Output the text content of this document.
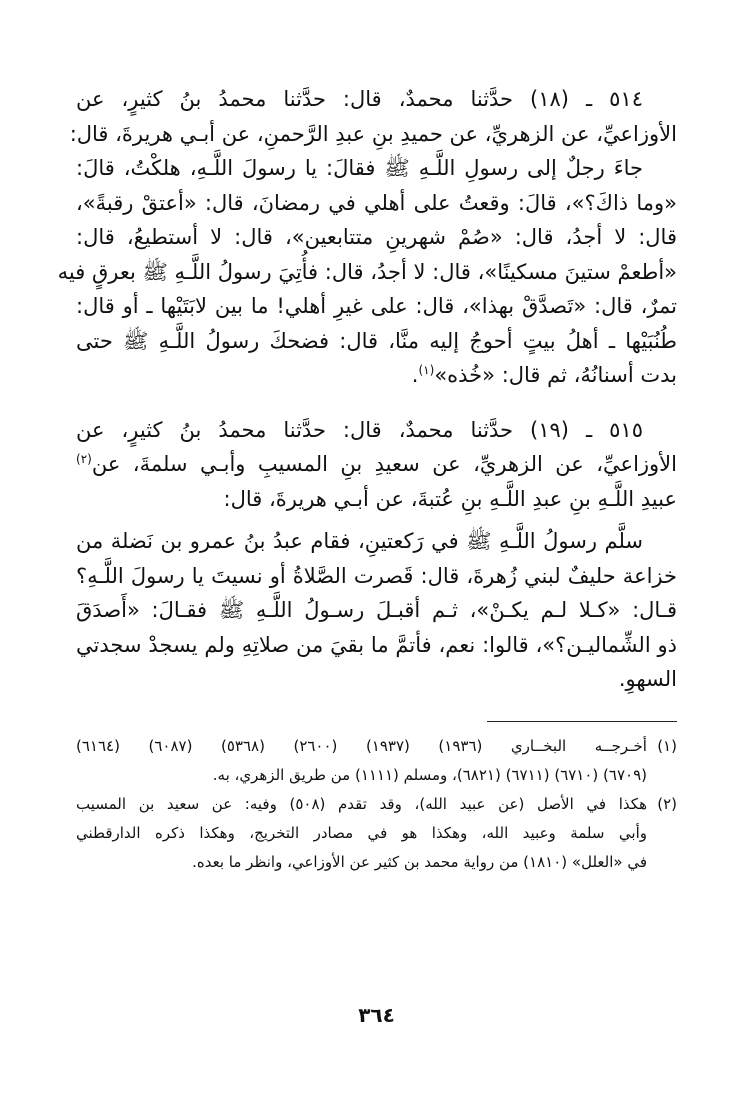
٥١٤ ـ (١٨) حدَّثنا محمدٌ، قال: حدَّثنا محمدُ بنُ كثيرٍ، عن
الأوزاعيِّ، عن الزهريِّ، عن حميدِ بنِ عبدِ الرَّحمنِ، عن أبـي هريرةَ، قال:
جاءَ رجلٌ إلى رسولِ اللَّـهِ ﷺ فقالَ: يا رسولَ اللَّـهِ، هلكْتُ، قالَ:
«وما ذاكَ؟»، قالَ: وقعتُ على أهلي في رمضانَ، قال: «أعتقْ رقبةً»،
قال: لا أجدُ، قال: «صُمْ شهرينِ متتابعين»، قال: لا أستطيعُ، قال:
«أطعمْ ستينَ مسكينًا»، قال: لا أجدُ، قال: فأُتِيَ رسولُ اللَّـهِ ﷺ بعرقٍ فيه
تمرٌ، قال: «تَصدَّقْ بهذا»، قال: على غيرِ أهلي! ما بين لابَتَيْها ـ أو قال:
طُنُبَيْها ـ أهلُ بيتٍ أحوجُ إليه منَّا، قال: فضحكَ رسولُ اللَّـهِ ﷺ حتى
بدت أسنانُهُ، ثم قال: «خُذه»$^{(١)}$.
٥١٥ ـ (١٩) حدَّثنا محمدٌ، قال: حدَّثنا محمدُ بنُ كثيرٍ، عن
الأوزاعيِّ، عن الزهريِّ، عن سعيدِ بنِ المسيبِ وأبـي سلمةَ، عن$^{(٢)}$
عبيدِ اللَّـهِ بنِ عبدِ اللَّـهِ بنِ عُتبةَ، عن أبـي هريرةَ، قال:
سلَّم رسولُ اللَّـهِ ﷺ في رَكعتينِ، فقام عبدُ بنُ عمرو بن نَضلة من
خزاعة حليفٌ لبني زُهرةَ، قال: قَصرت الصَّلاةُ أو نسيتَ يا رسولَ اللَّـهِ؟
قـال: «كـلا لـم يكـنْ»، ثـم أقبـلَ رسـولُ اللَّـهِ ﷺ فقـالَ: «أَصدَقَ
ذو الشِّماليـن؟»، قالوا: نعم، فأتمَّ ما بقيَ من صلاتِهِ ولم يسجدْ سجدتي
السهوِ.
(١)أخـرجــه البخــاري (١٩٣٦) (١٩٣٧) (٢٦٠٠) (٥٣٦٨) (٦٠٨٧) (٦١٦٤)
(٦٧٠٩) (٦٧١٠) (٦٧١١) (٦٨٢١)، ومسلم (١١١١) من طريق الزهري، به.
(٢)هكذا في الأصل (عن عبيد الله)، وقد تقدم (٥٠٨) وفيه: عن سعيد بن المسيب
وأبي سلمة وعبيد الله، وهكذا هو في مصادر التخريج، وهكذا ذكره الدارقطني
في «العلل» (١٨١٠) من رواية محمد بن كثير عن الأوزاعي، وانظر ما بعده.
٣٦٤
